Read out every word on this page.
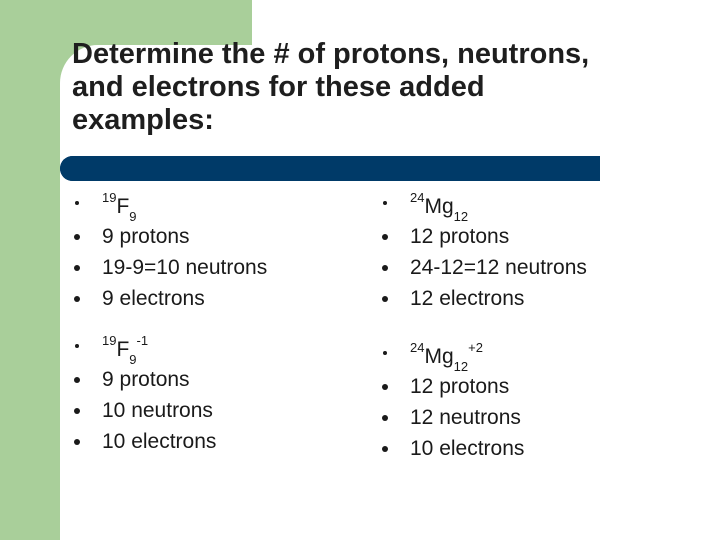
Determine the # of protons, neutrons,
and electrons for these added
examples:
$^{19}F_9$
9 protons
19-9=10 neutrons
9 electrons
$^{19}F_9^{-1}$
9 protons
10 neutrons
10 electrons
$^{24}Mg_{12}$
12 protons
24-12=12 neutrons
12 electrons
$^{24}Mg_{12}^{+2}$
12 protons
12 neutrons
10 electrons
